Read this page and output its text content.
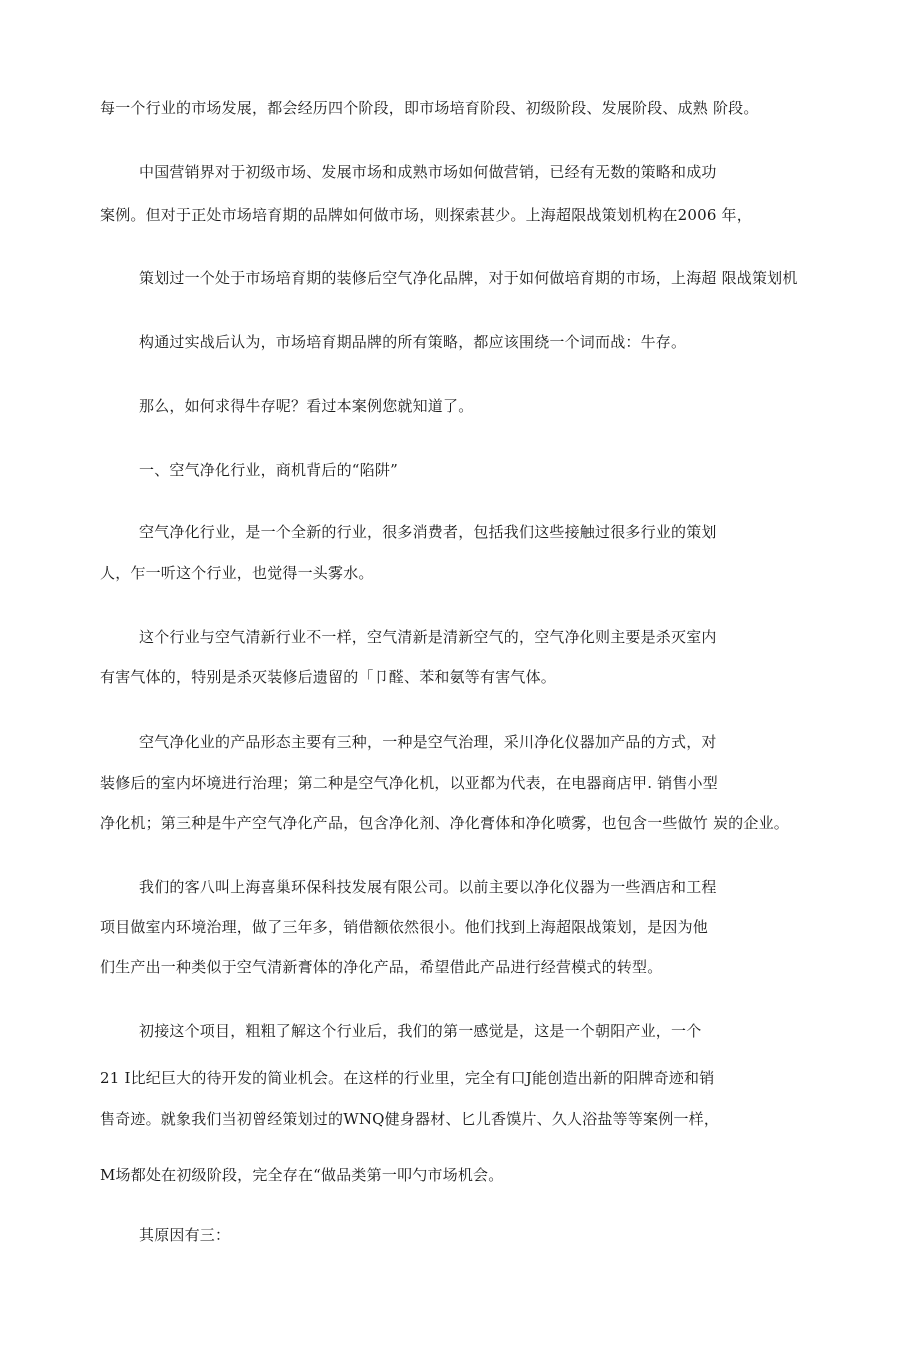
每一个行业的市场发展，都会经历四个阶段，即市场培育阶段、初级阶段、发展阶段、成熟 阶段。
中国营销界对于初级市场、发展市场和成熟市场如何做营销，已经有无数的策略和成功
案例。但对于正处市场培育期的品牌如何做市场，则探索甚少。上海超限战策划机构在2006 年，
策划过一个处于市场培育期的装修后空气净化品牌，对于如何做培育期的市场，上海超 限战策划机
构通过实战后认为，市场培育期品牌的所有策略，都应该围绕一个词而战：牛存。
那么，如何求得牛存呢？看过本案例您就知道了。
一、空气净化行业，商机背后的“陷阱”
空气净化行业，是一个全新的行业，很多消费者，包括我们这些接触过很多行业的策划
人，乍一听这个行业，也觉得一头雾水。
这个行业与空气清新行业不一样，空气清新是清新空气的，空气净化则主要是杀灭室内
有害气体的，特别是杀灭装修后遗留的「卩醛、苯和氨等有害气体。
空气净化业的产品形态主要有三种，一种是空气治理，采川净化仪器加产品的方式，对
装修后的室内坏境进行治理；第二种是空气净化机，以亚都为代表，在电器商店甲. 销售小型
净化机；第三种是牛产空气净化产品，包含净化剂、净化膏体和净化喷雾，也包含一些做竹 炭的企业。
我们的客八叫上海喜巢环保科技发展有限公司。以前主要以净化仪器为一些酒店和工程
项目做室内环境治理，做了三年多，销借额依然很小。他们找到上海超限战策划，是因为他
们生产出一种类似于空气清新膏体的净化产品，希望借此产品进行经营模式的转型。
初接这个项目，粗粗了解这个行业后，我们的第一感觉是，这是一个朝阳产业，一个
21 I比纪巨大的待开发的简业机会。在这样的行业里，完全有口J能创造出新的阳牌奇迹和销
售奇迹。就象我们当初曾经策划过的WNQ健身器材、匕儿香馍片、久人浴盐等等案例一样，
M场都处在初级阶段，完全存在“做品类第一叩勺市场机会。
其原因有三：
